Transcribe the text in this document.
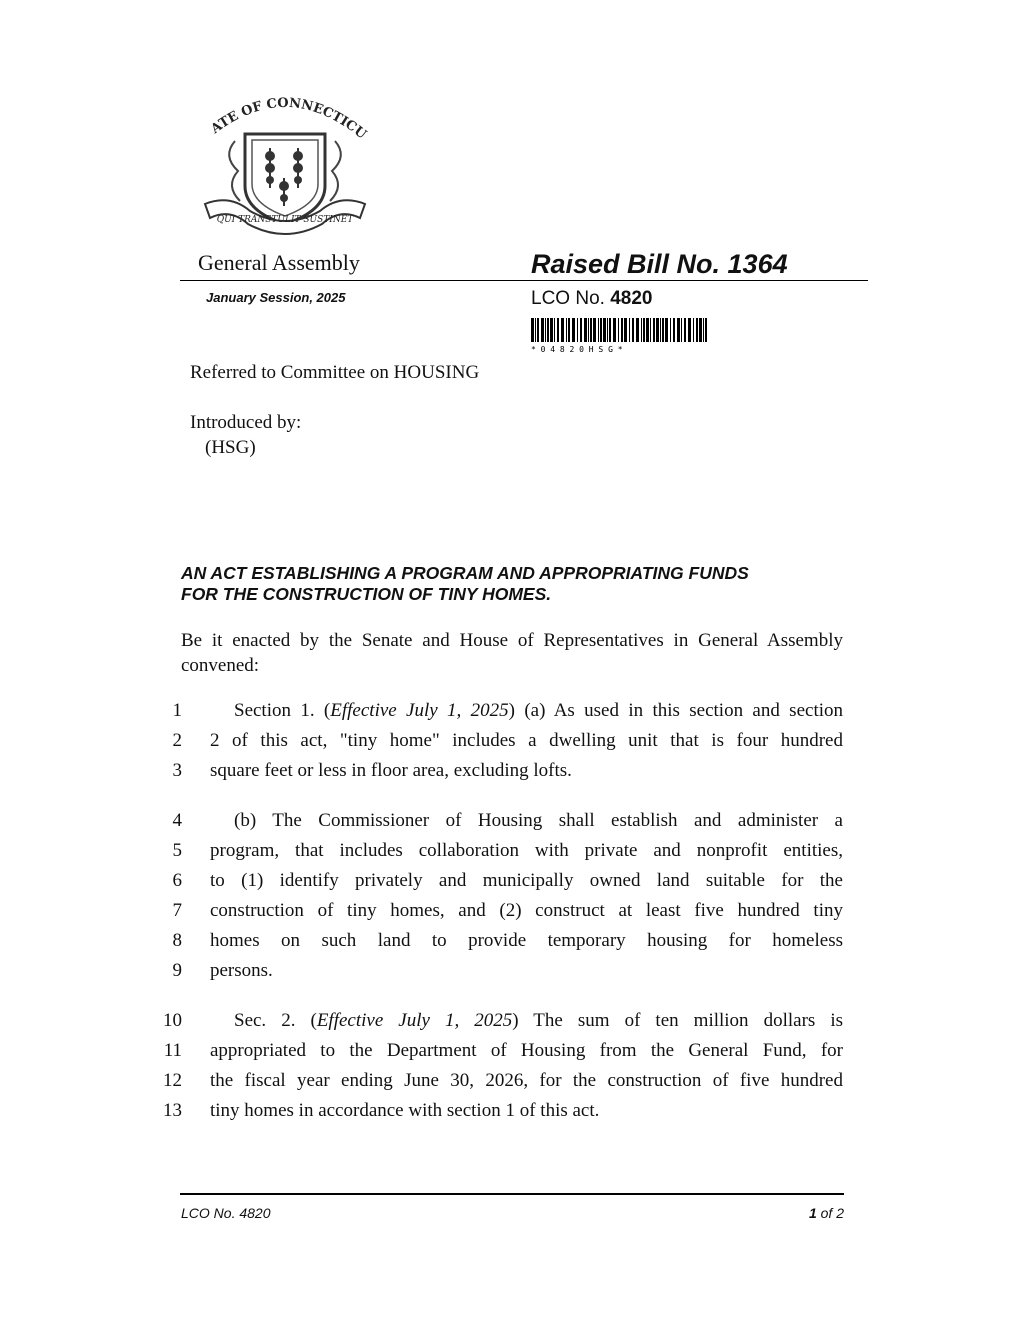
ATE OF CONNECTICU
QUI TRANSTULIT SUSTINET
General Assembly	Raised Bill No. 1364
January Session, 2025	LCO No. 4820
* 0 4 8 2 0 H S G *
Referred to Committee on HOUSING
Introduced by:
(HSG)
AN ACT ESTABLISHING A PROGRAM AND APPROPRIATING FUNDS
FOR THE CONSTRUCTION OF TINY HOMES.
Be it enacted by the Senate and House of Representatives in General Assembly convened:
1	Section 1. (Effective July 1, 2025) (a) As used in this section and section
2 2 of this act, "tiny home" includes a dwelling unit that is four hundred
3 square feet or less in floor area, excluding lofts.
4	(b) The Commissioner of Housing shall establish and administer a
5 program, that includes collaboration with private and nonprofit entities,
6 to (1) identify privately and municipally owned land suitable for the
7 construction of tiny homes, and (2) construct at least five hundred tiny
8 homes on such land to provide temporary housing for homeless
9 persons.
10	Sec. 2. (Effective July 1, 2025) The sum of ten million dollars is
11 appropriated to the Department of Housing from the General Fund, for
12 the fiscal year ending June 30, 2026, for the construction of five hundred
13 tiny homes in accordance with section 1 of this act.
LCO No. 4820	1 of 2
